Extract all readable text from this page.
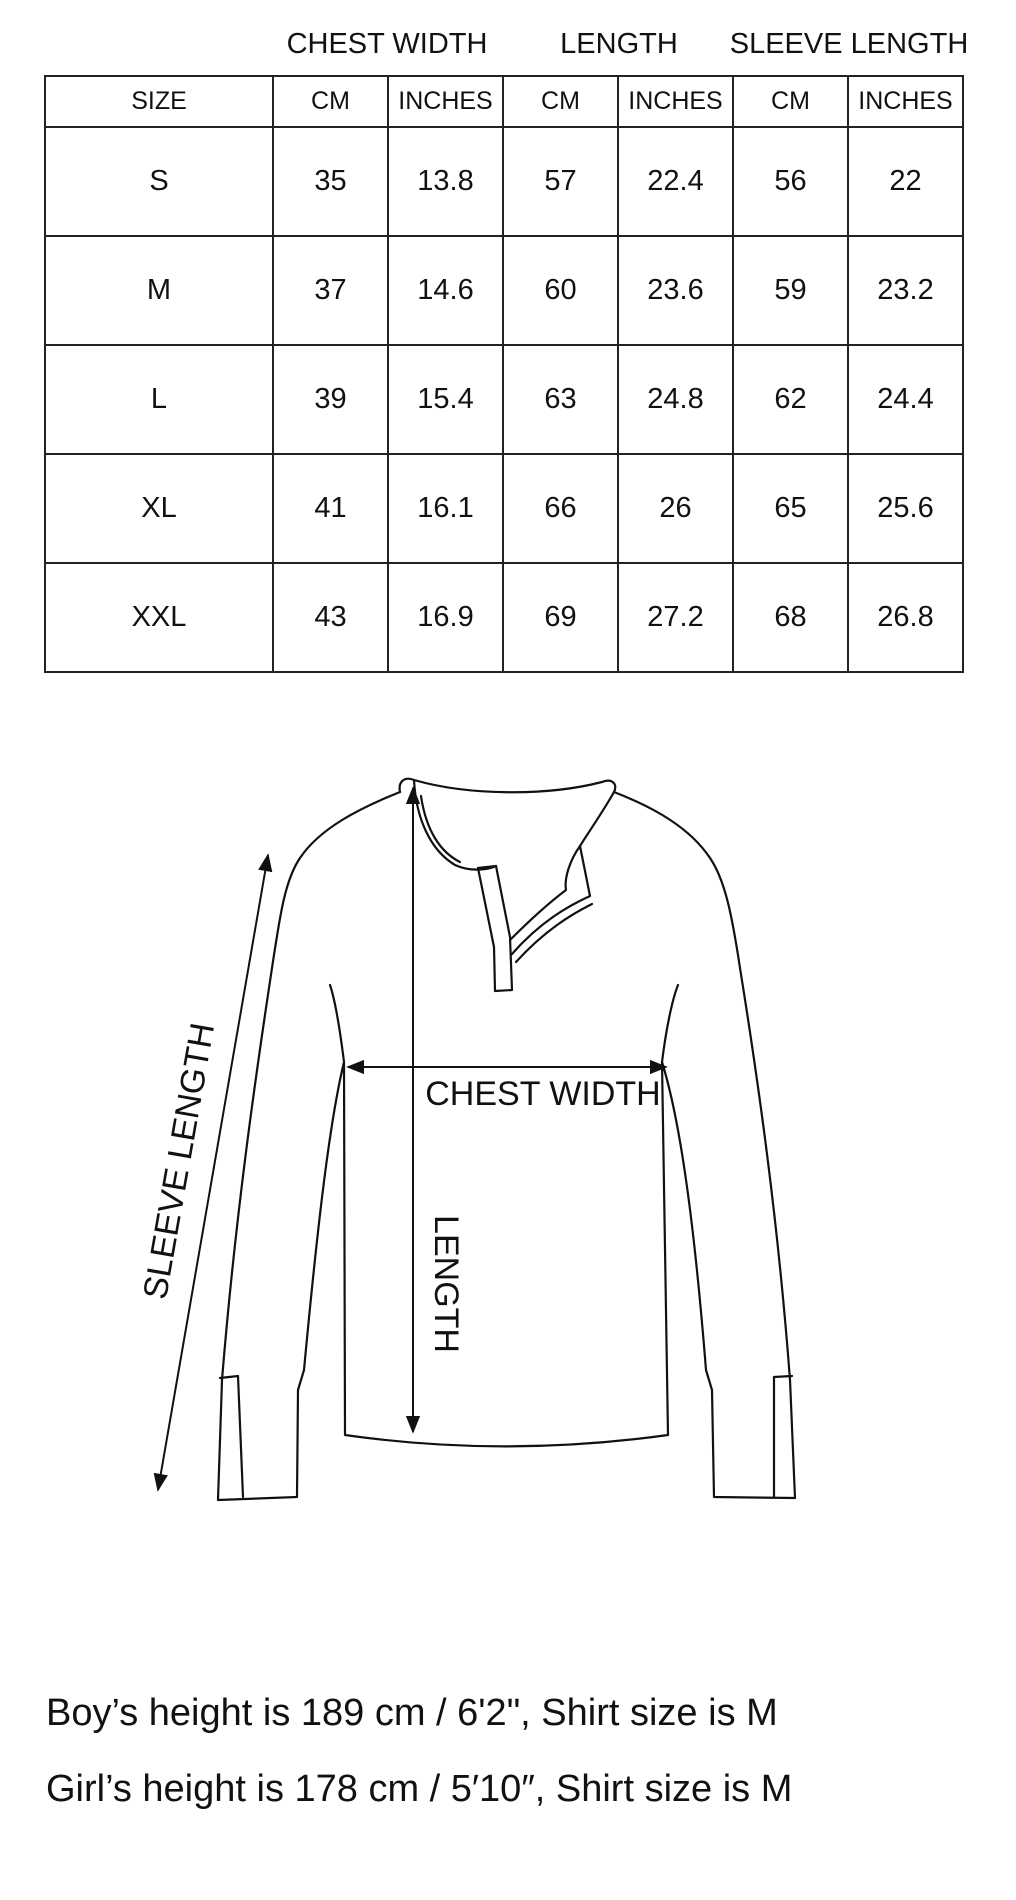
CHEST WIDTH	LENGTH SLEEVE LENGTH
SIZE	CM	INCHES	CM	INCHES	CM	INCHES
S	35	13.8	57	22.4	56	22
M	37	14.6	60	23.6	59	23.2
L	39	15.4	63	24.8	62	24.4
XL	41	16.1	66	26	65	25.6
XXL	43	16.9	69	27.2	68	26.8
SLEEVE LENGTH	CHEST WIDTH
LENGTH
Boy’s height is 189 cm / 6'2", Shirt size is M
Girl’s height is 178 cm / 5′10″, Shirt size is M
